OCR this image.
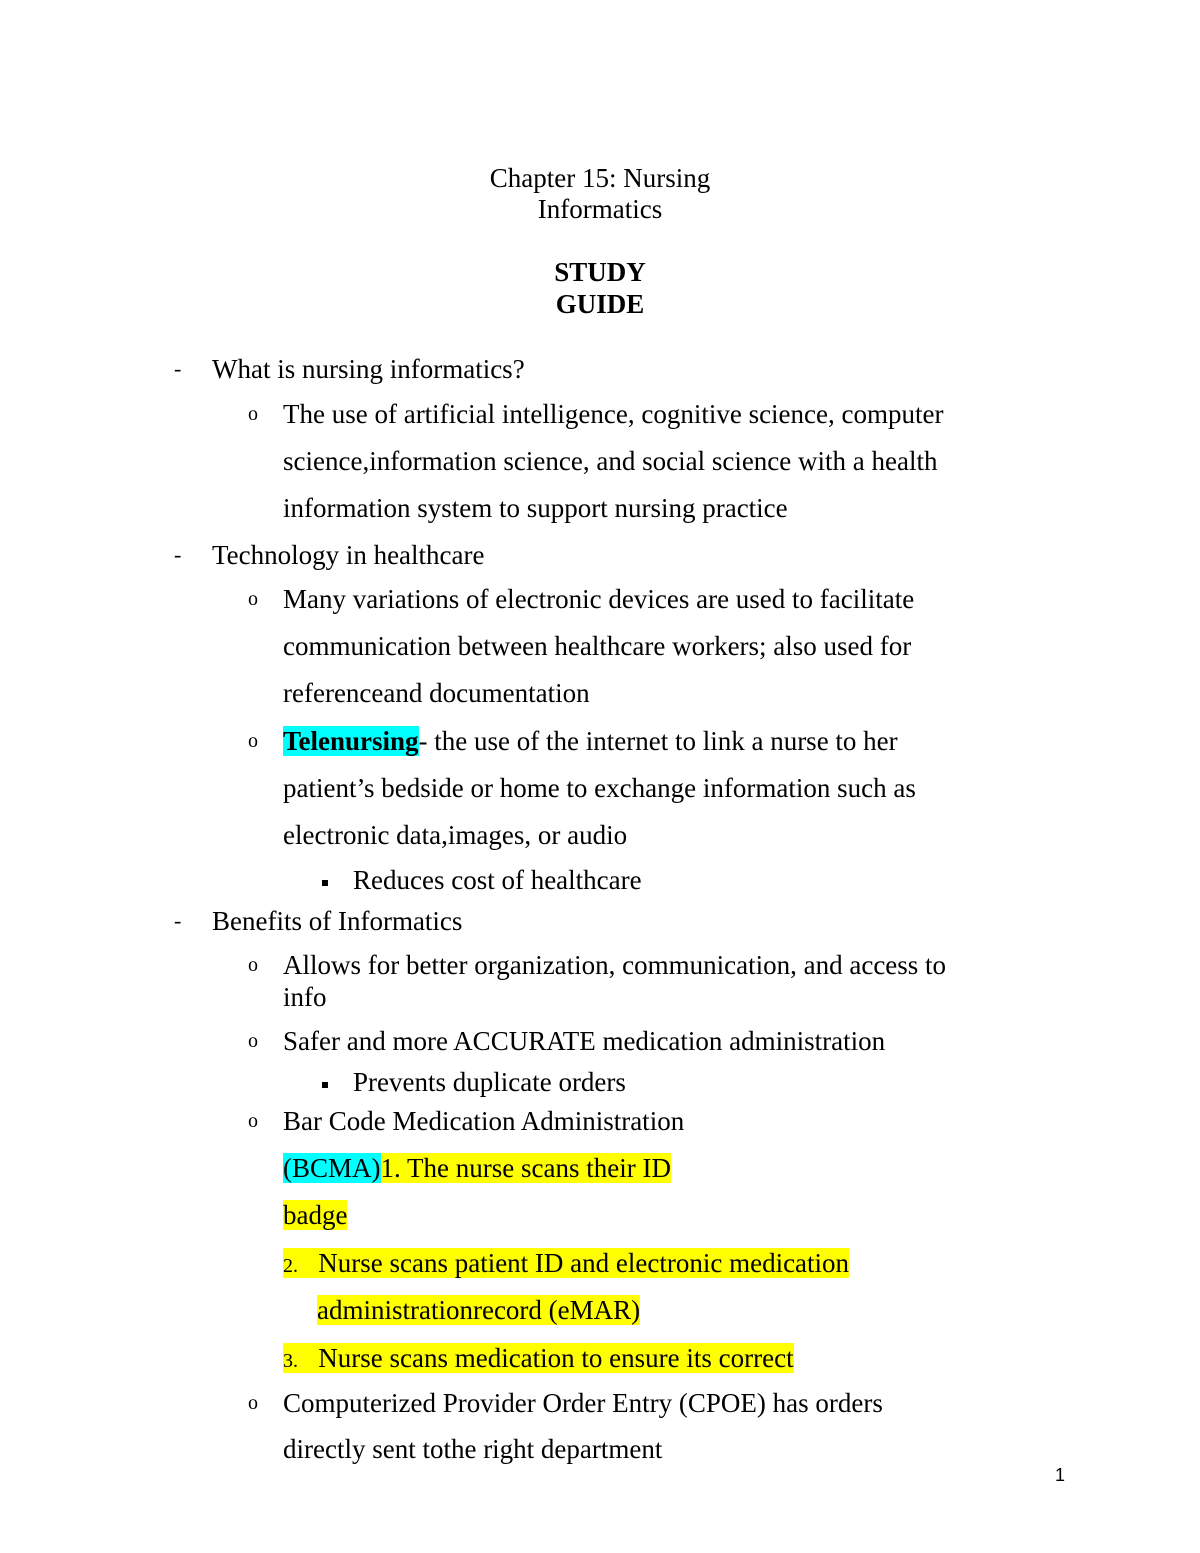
Chapter 15: Nursing
Informatics
STUDY
GUIDE
- What is nursing informatics?
o The use of artificial intelligence, cognitive science, computer
science,information science, and social science with a health
information system to support nursing practice
- Technology in healthcare
o Many variations of electronic devices are used to facilitate
communication between healthcare workers; also used for
referenceand documentation
o Telenursing- the use of the internet to link a nurse to her
patient’s bedside or home to exchange information such as
electronic data,images, or audio
Reduces cost of healthcare
- Benefits of Informatics
o Allows for better organization, communication, and access to
info
o Safer and more ACCURATE medication administration
Prevents duplicate orders
o Bar Code Medication Administration
(BCMA)1. The nurse scans their ID
badge
2. Nurse scans patient ID and electronic medication
administrationrecord (eMAR)
3. Nurse scans medication to ensure its correct
o Computerized Provider Order Entry (CPOE) has orders
directly sent tothe right department
1
